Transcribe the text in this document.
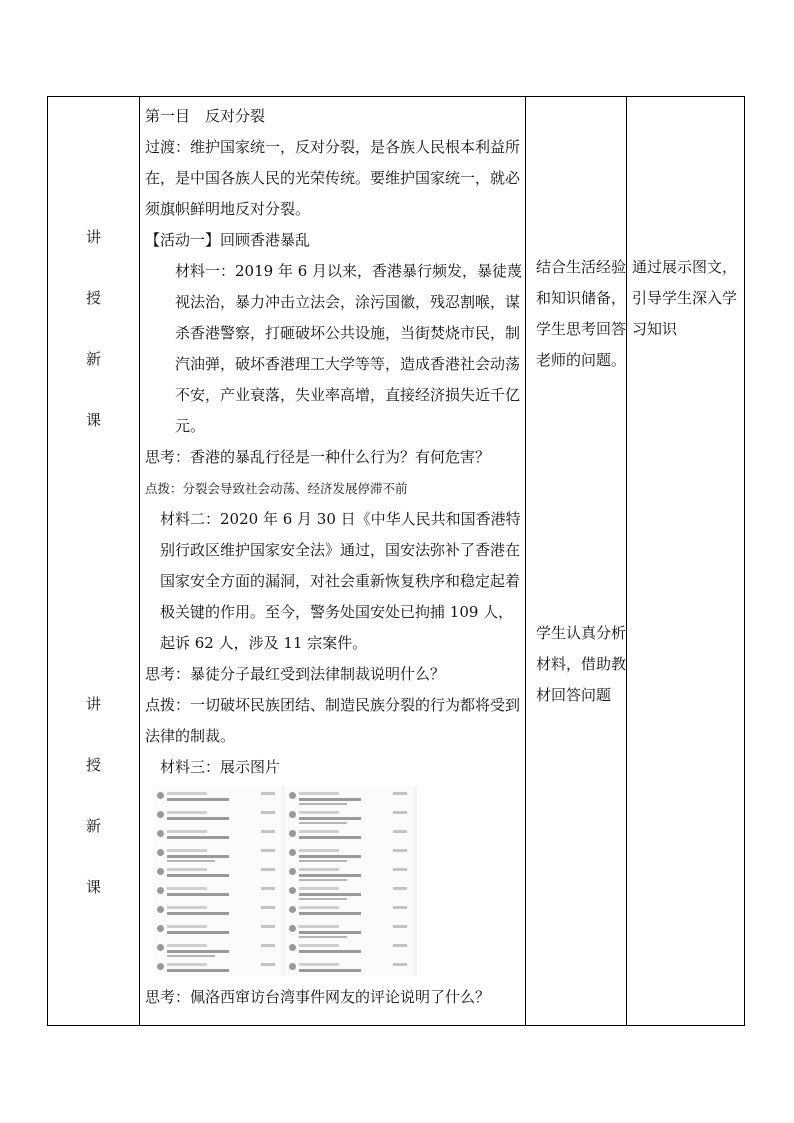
讲
授
新
课
讲
授
新
课

第一目　反对分裂

过渡：维护国家统一，反对分裂，是各族人民根本利益所在，是中国各族人民的光荣传统。要维护国家统一，就必须旗帜鲜明地反对分裂。

【活动一】回顾香港暴乱

材料一：2019 年 6 月以来，香港暴行频发，暴徒蔑视法治，暴力冲击立法会，涂污国徽，残忍割喉，谋杀香港警察，打砸破坏公共设施，当街焚烧市民，制汽油弹，破坏香港理工大学等等，造成香港社会动荡不安，产业衰落，失业率高增，直接经济损失近千亿元。

思考：香港的暴乱行径是一种什么行为？有何危害？

点拨：分裂会导致社会动荡、经济发展停滞不前

材料二：2020 年 6 月 30 日《中华人民共和国香港特别行政区维护国家安全法》通过，国安法弥补了香港在国家安全方面的漏洞，对社会重新恢复秩序和稳定起着极关键的作用。至今，警务处国安处已拘捕 109 人，起诉 62 人，涉及 11 宗案件。

思考：暴徒分子最红受到法律制裁说明什么？

点拨：一切破坏民族团结、制造民族分裂的行为都将受到法律的制裁。

材料三：展示图片

思考：佩洛西窜访台湾事件网友的评论说明了什么？

结合生活经验和知识储备，学生思考回答老师的问题。
学生认真分析材料，借助教材回答问题
通过展示图文，引导学生深入学习知识
